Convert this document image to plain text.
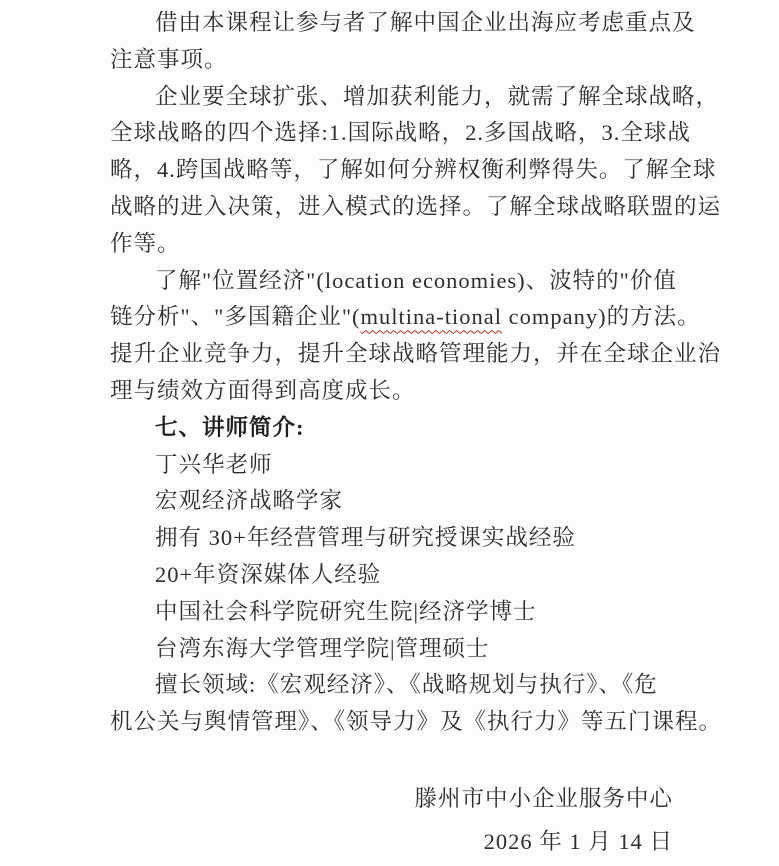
借由本课程让参与者了解中国企业出海应考虑重点及
注意事项。
企业要全球扩张、增加获利能力，就需了解全球战略，
全球战略的四个选择:1.国际战略，2.多国战略，3.全球战
略，4.跨国战略等，了解如何分辨权衡利弊得失。了解全球
战略的进入决策，进入模式的选择。了解全球战略联盟的运
作等。
了解"位置经济"(location economies)、波特的"价值
链分析"、"多国籍企业"(multina-tional company)的方法。
提升企业竞争力，提升全球战略管理能力，并在全球企业治
理与绩效方面得到高度成长。
七、讲师简介:
丁兴华老师
宏观经济战略学家
拥有 30+年经营管理与研究授课实战经验
20+年资深媒体人经验
中国社会科学院研究生院|经济学博士
台湾东海大学管理学院|管理硕士
擅长领域:《宏观经济》、《战略规划与执行》、《危
机公关与舆情管理》、《领导力》及《执行力》等五门课程。
滕州市中小企业服务中心
2026 年 1 月 14 日
